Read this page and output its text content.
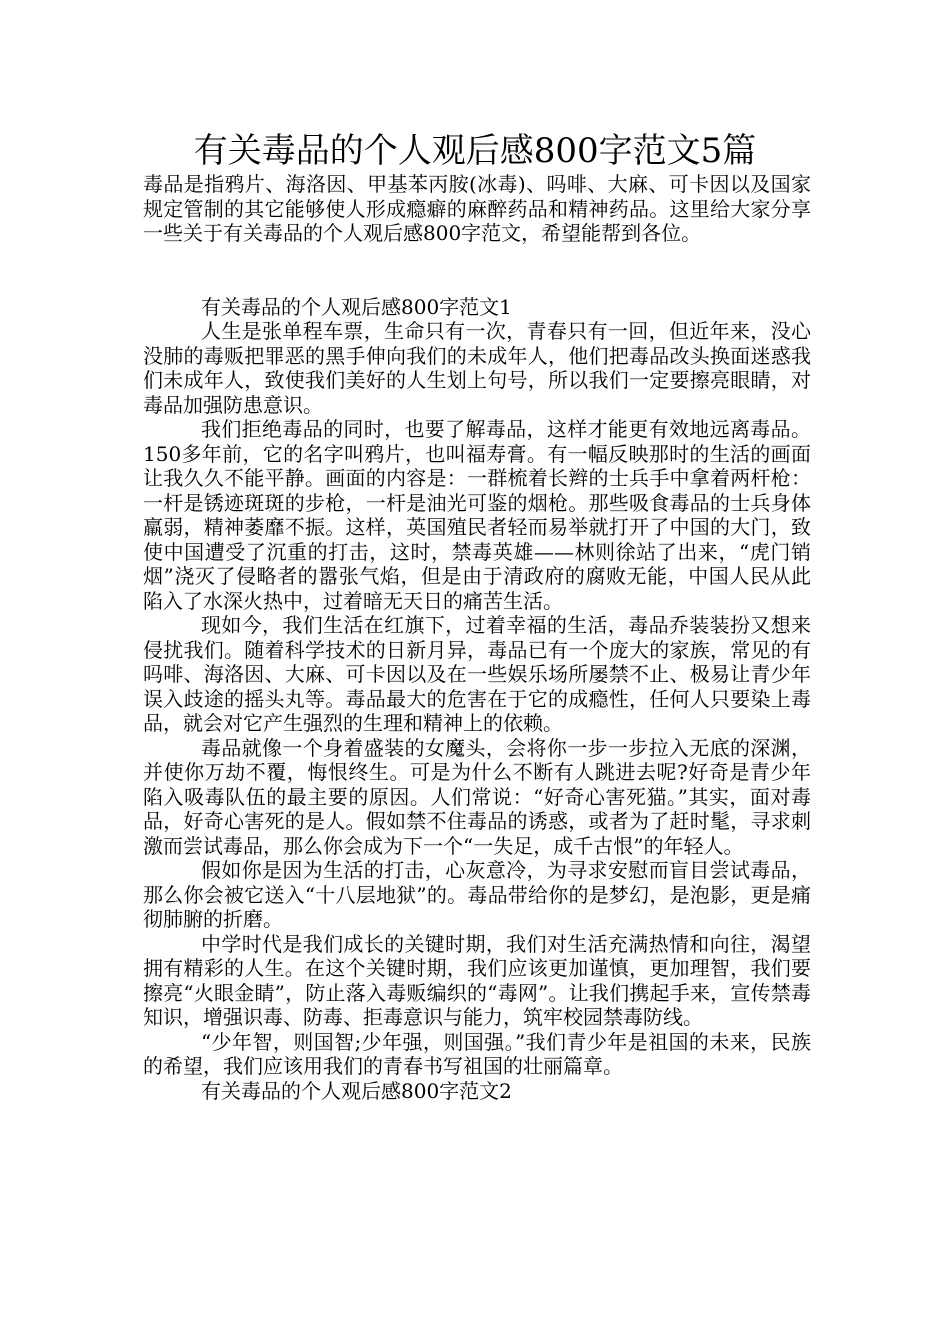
有关毒品的个人观后感800字范文5篇

毒品是指鸦片、海洛因、甲基苯丙胺(冰毒)、吗啡、大麻、可卡因以及国家规定管制的其它能够使人形成瘾癖的麻醉药品和精神药品。这里给大家分享一些关于有关毒品的个人观后感800字范文，希望能帮到各位。

有关毒品的个人观后感800字范文1

人生是张单程车票，生命只有一次，青春只有一回，但近年来，没心没肺的毒贩把罪恶的黑手伸向我们的未成年人，他们把毒品改头换面迷惑我们未成年人，致使我们美好的人生划上句号，所以我们一定要擦亮眼睛，对毒品加强防患意识。

我们拒绝毒品的同时，也要了解毒品，这样才能更有效地远离毒品。150多年前，它的名字叫鸦片，也叫福寿膏。有一幅反映那时的生活的画面让我久久不能平静。画面的内容是：一群梳着长辫的士兵手中拿着两杆枪：一杆是锈迹斑斑的步枪，一杆是油光可鉴的烟枪。那些吸食毒品的士兵身体羸弱，精神萎靡不振。这样，英国殖民者轻而易举就打开了中国的大门，致使中国遭受了沉重的打击，这时，禁毒英雄——林则徐站了出来，“虎门销烟”浇灭了侵略者的嚣张气焰，但是由于清政府的腐败无能，中国人民从此陷入了水深火热中，过着暗无天日的痛苦生活。

现如今，我们生活在红旗下，过着幸福的生活，毒品乔装装扮又想来侵扰我们。随着科学技术的日新月异，毒品已有一个庞大的家族，常见的有吗啡、海洛因、大麻、可卡因以及在一些娱乐场所屡禁不止、极易让青少年误入歧途的摇头丸等。毒品最大的危害在于它的成瘾性，任何人只要染上毒品，就会对它产生强烈的生理和精神上的依赖。

毒品就像一个身着盛装的女魔头，会将你一步一步拉入无底的深渊，并使你万劫不覆，悔恨终生。可是为什么不断有人跳进去呢?好奇是青少年陷入吸毒队伍的最主要的原因。人们常说：“好奇心害死猫。”其实，面对毒品，好奇心害死的是人。假如禁不住毒品的诱惑，或者为了赶时髦，寻求刺激而尝试毒品，那么你会成为下一个“一失足，成千古恨”的年轻人。

假如你是因为生活的打击，心灰意冷，为寻求安慰而盲目尝试毒品，那么你会被它送入“十八层地狱”的。毒品带给你的是梦幻，是泡影，更是痛彻肺腑的折磨。

中学时代是我们成长的关键时期，我们对生活充满热情和向往，渴望拥有精彩的人生。在这个关键时期，我们应该更加谨慎，更加理智，我们要擦亮“火眼金睛”，防止落入毒贩编织的“毒网”。让我们携起手来，宣传禁毒知识，增强识毒、防毒、拒毒意识与能力，筑牢校园禁毒防线。

“少年智，则国智;少年强，则国强。”我们青少年是祖国的未来，民族的希望，我们应该用我们的青春书写祖国的壮丽篇章。

有关毒品的个人观后感800字范文2
